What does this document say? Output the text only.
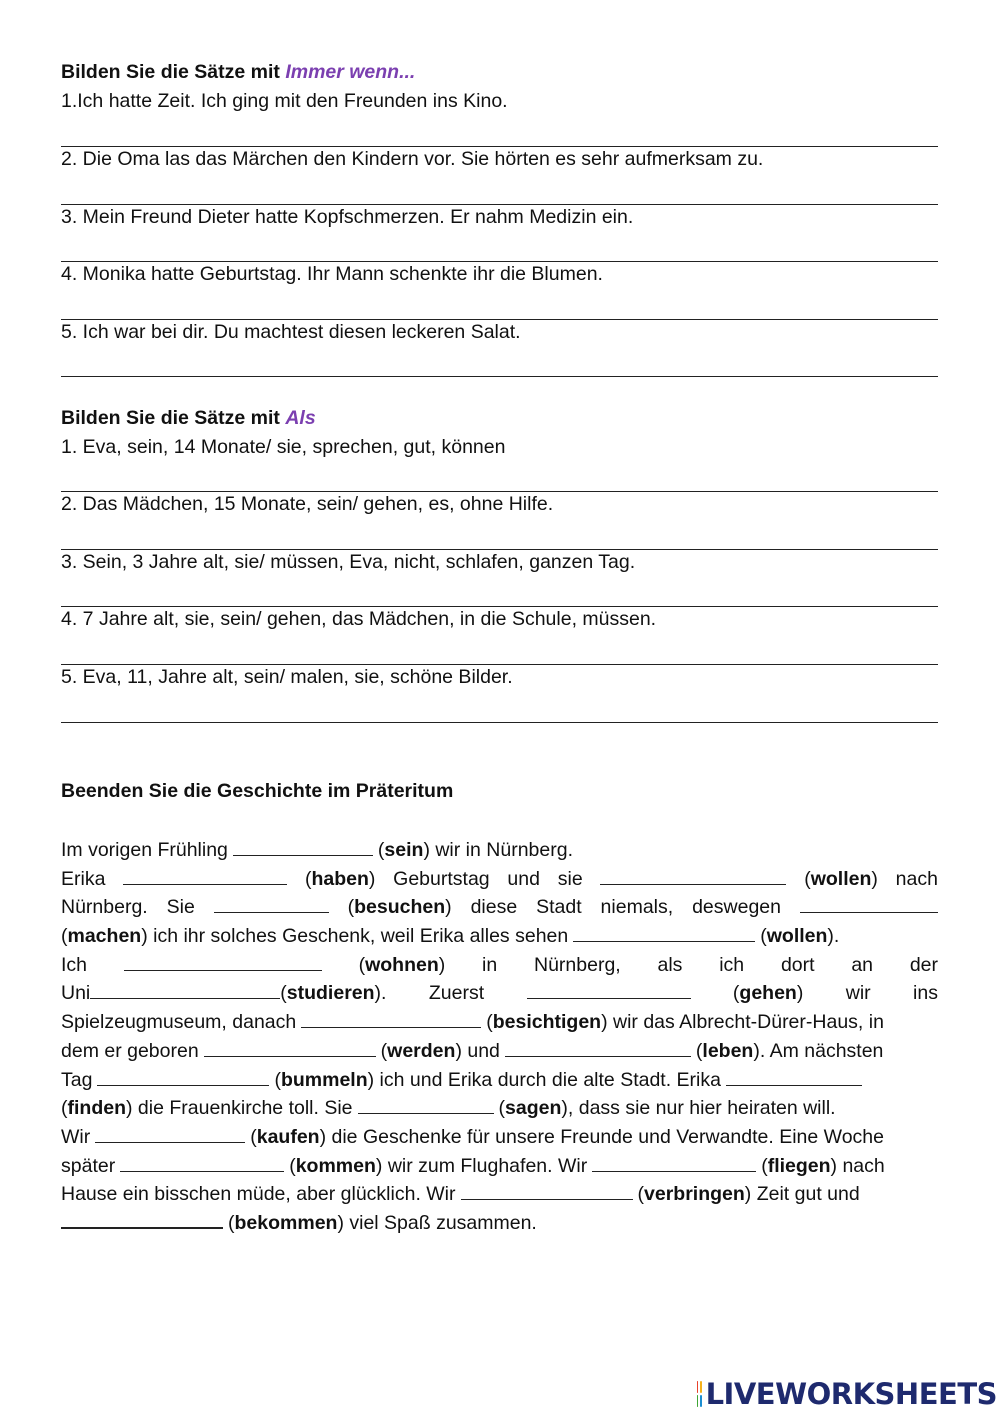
Bilden Sie die Sätze mit Immer wenn...
1.Ich hatte Zeit. Ich ging mit den Freunden ins Kino.
2. Die Oma las das Märchen den Kindern vor. Sie hörten es sehr aufmerksam zu.
3. Mein Freund Dieter hatte Kopfschmerzen. Er nahm Medizin ein.
4. Monika hatte Geburtstag. Ihr Mann schenkte ihr die Blumen.
5. Ich war bei dir. Du machtest diesen leckeren Salat.
Bilden Sie die Sätze mit Als
1. Eva, sein, 14 Monate/ sie, sprechen, gut, können
2. Das Mädchen, 15 Monate, sein/ gehen, es, ohne Hilfe.
3. Sein, 3 Jahre alt, sie/ müssen, Eva, nicht, schlafen, ganzen Tag.
4. 7 Jahre alt, sie, sein/ gehen, das Mädchen, in die Schule, müssen.
5. Eva, 11, Jahre alt, sein/ malen, sie, schöne Bilder.
Beenden Sie die Geschichte im Präteritum
Im vorigen Frühling	(sein) wir in Nürnberg.
Erika	(haben) Geburtstag und sie	(wollen) nach
Nürnberg. Sie	(besuchen) diese Stadt niemals, deswegen
(machen) ich ihr solches Geschenk, weil Erika alles sehen	(wollen).
Ich	(wohnen) in Nürnberg, als ich dort an der
Uni	(studieren). Zuerst	(gehen) wir ins
Spielzeugmuseum, danach	(besichtigen) wir das Albrecht-Dürer-Haus, in
dem er geboren	(werden) und	(leben). Am nächsten
Tag	(bummeln) ich und Erika durch die alte Stadt. Erika
(finden) die Frauenkirche toll. Sie	(sagen), dass sie nur hier heiraten will.
Wir	(kaufen) die Geschenke für unsere Freunde und Verwandte. Eine Woche
später	(kommen) wir zum Flughafen. Wir	(fliegen) nach
Hause ein bisschen müde, aber glücklich. Wir	(verbringen) Zeit gut und
(bekommen) viel Spaß zusammen.
LIVEWORKSHEETS
